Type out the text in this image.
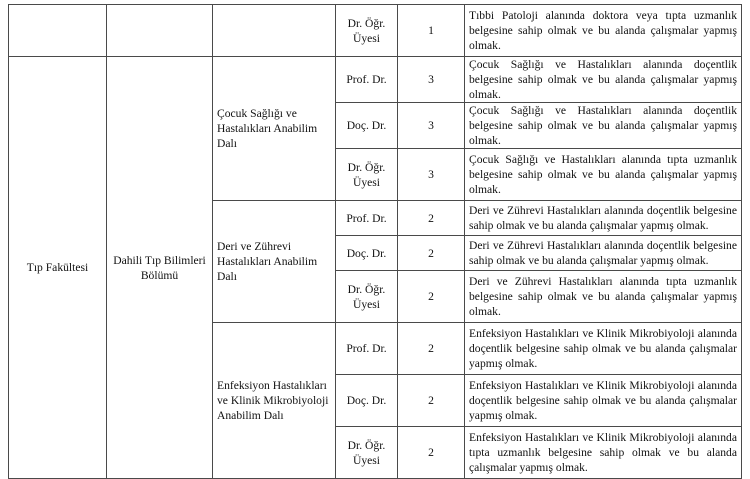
			Dr. Öğr. Üyesi	1	Tıbbi Patoloji alanında doktora veya tıpta uzmanlık belgesine sahip olmak ve bu alanda çalışmalar yapmış olmak.
Tıp Fakültesi	Dahili Tıp Bilimleri Bölümü	Çocuk Sağlığı ve Hastalıkları Anabilim Dalı	Prof. Dr.	3	Çocuk Sağlığı ve Hastalıkları alanında doçentlik belgesine sahip olmak ve bu alanda çalışmalar yapmış olmak.
			Doç. Dr.	3	Çocuk Sağlığı ve Hastalıkları alanında doçentlik belgesine sahip olmak ve bu alanda çalışmalar yapmış olmak.
			Dr. Öğr. Üyesi	3	Çocuk Sağlığı ve Hastalıkları alanında tıpta uzmanlık belgesine sahip olmak ve bu alanda çalışmalar yapmış olmak.
		Deri ve Zührevi Hastalıkları Anabilim Dalı	Prof. Dr.	2	Deri ve Zührevi Hastalıkları alanında doçentlik belgesine sahip olmak ve bu alanda çalışmalar yapmış olmak.
			Doç. Dr.	2	Deri ve Zührevi Hastalıkları alanında doçentlik belgesine sahip olmak ve bu alanda çalışmalar yapmış olmak.
			Dr. Öğr. Üyesi	2	Deri ve Zührevi Hastalıkları alanında tıpta uzmanlık belgesine sahip olmak ve bu alanda çalışmalar yapmış olmak.
		Enfeksiyon Hastalıkları ve Klinik Mikrobiyoloji Anabilim Dalı	Prof. Dr.	2	Enfeksiyon Hastalıkları ve Klinik Mikrobiyoloji alanında doçentlik belgesine sahip olmak ve bu alanda çalışmalar yapmış olmak.
			Doç. Dr.	2	Enfeksiyon Hastalıkları ve Klinik Mikrobiyoloji alanında doçentlik belgesine sahip olmak ve bu alanda çalışmalar yapmış olmak.
			Dr. Öğr. Üyesi	2	Enfeksiyon Hastalıkları ve Klinik Mikrobiyoloji alanında tıpta uzmanlık belgesine sahip olmak ve bu alanda çalışmalar yapmış olmak.
